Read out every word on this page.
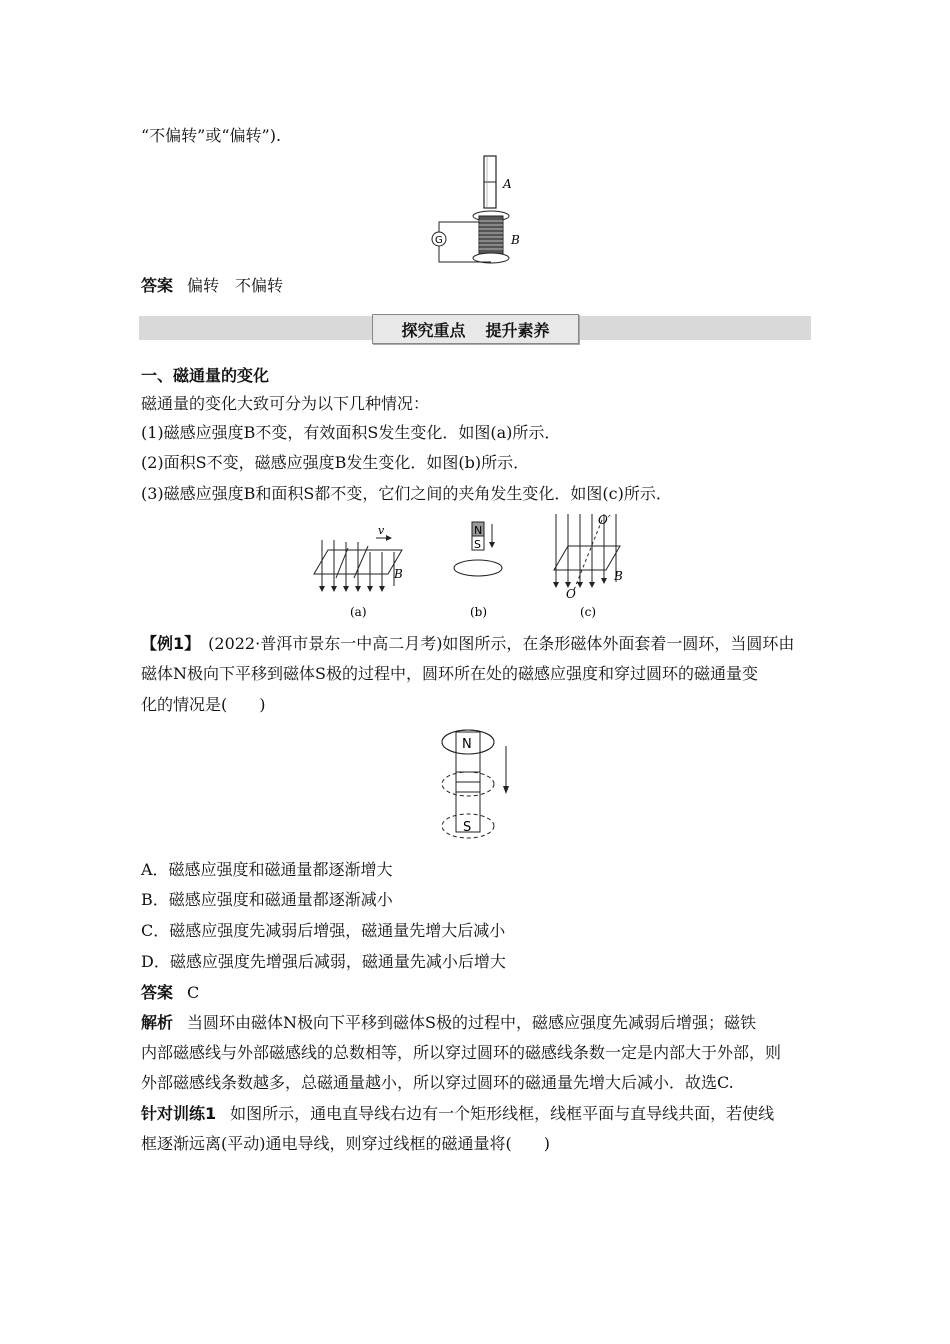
“不偏转”或“偏转”).
A
B
G
答案 偏转 不偏转
探究重点 提升素养
一、磁通量的变化
磁通量的变化大致可分为以下几种情况：
(1)磁感应强度B不变，有效面积S发生变化．如图(a)所示．
(2)面积S不变，磁感应强度B发生变化．如图(b)所示．
(3)磁感应强度B和面积S都不变，它们之间的夹角发生变化．如图(c)所示．
v
B
(a)
N
S
(b)
O′
O
B
(c)
【例1】 (2022·普洱市景东一中高二月考)如图所示，在条形磁体外面套着一圆环，当圆环由
磁体N极向下平移到磁体S极的过程中，圆环所在处的磁感应强度和穿过圆环的磁通量变
化的情况是(　　)
N
S
A．磁感应强度和磁通量都逐渐增大
B．磁感应强度和磁通量都逐渐减小
C．磁感应强度先减弱后增强，磁通量先增大后减小
D．磁感应强度先增强后减弱，磁通量先减小后增大
答案 C
解析 当圆环由磁体N极向下平移到磁体S极的过程中，磁感应强度先减弱后增强；磁铁
内部磁感线与外部磁感线的总数相等，所以穿过圆环的磁感线条数一定是内部大于外部，则
外部磁感线条数越多，总磁通量越小，所以穿过圆环的磁通量先增大后减小．故选C.
针对训练1 如图所示，通电直导线右边有一个矩形线框，线框平面与直导线共面，若使线
框逐渐远离(平动)通电导线，则穿过线框的磁通量将(　　)
